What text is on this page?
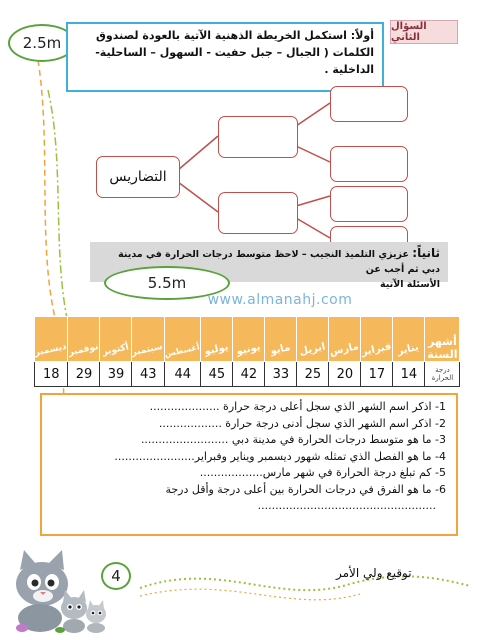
2.5m
السؤال الثاني
أولاً: استكمل الخريطة الذهنية الآتية بالعودة لصندوق
الكلمات ( الجبال – جبل حفيت - السهول – الساحلية-
الداخلية .
التضاريس
ثانياً: عزيزي التلميذ النجيب – لاحظ متوسط درجات الحرارة في مدينة دبي ثم أجب عن
الأسئلة الآتية
5.5m
www.almanahj.com
أشهر السنة	يناير	فبراير	مارس	ابريل	مايو	يونيو	يوليو	أغسطس	سبتمبر	أكتوبر	نوفمبر	ديسمبر
درجة الحرارة	14	17	20	25	33	42	45	44	43	39	29	18
1- اذكر اسم الشهر الذي سجل أعلى درجة حرارة ....................
2- اذكر اسم الشهر الذي سجل أدنى درجة حرارة ..................
3- ما هو متوسط درجات الحرارة في مدينة دبي .........................
4- ما هو الفصل الذي تمثله شهور ديسمبر ويناير وفبراير.......................
5- كم تبلغ درجة الحرارة في شهر مارس..................
6- ما هو الفرق في درجات الحرارة بين أعلى درجة وأقل درجة
...................................................
4	توقيع ولي الأمر
